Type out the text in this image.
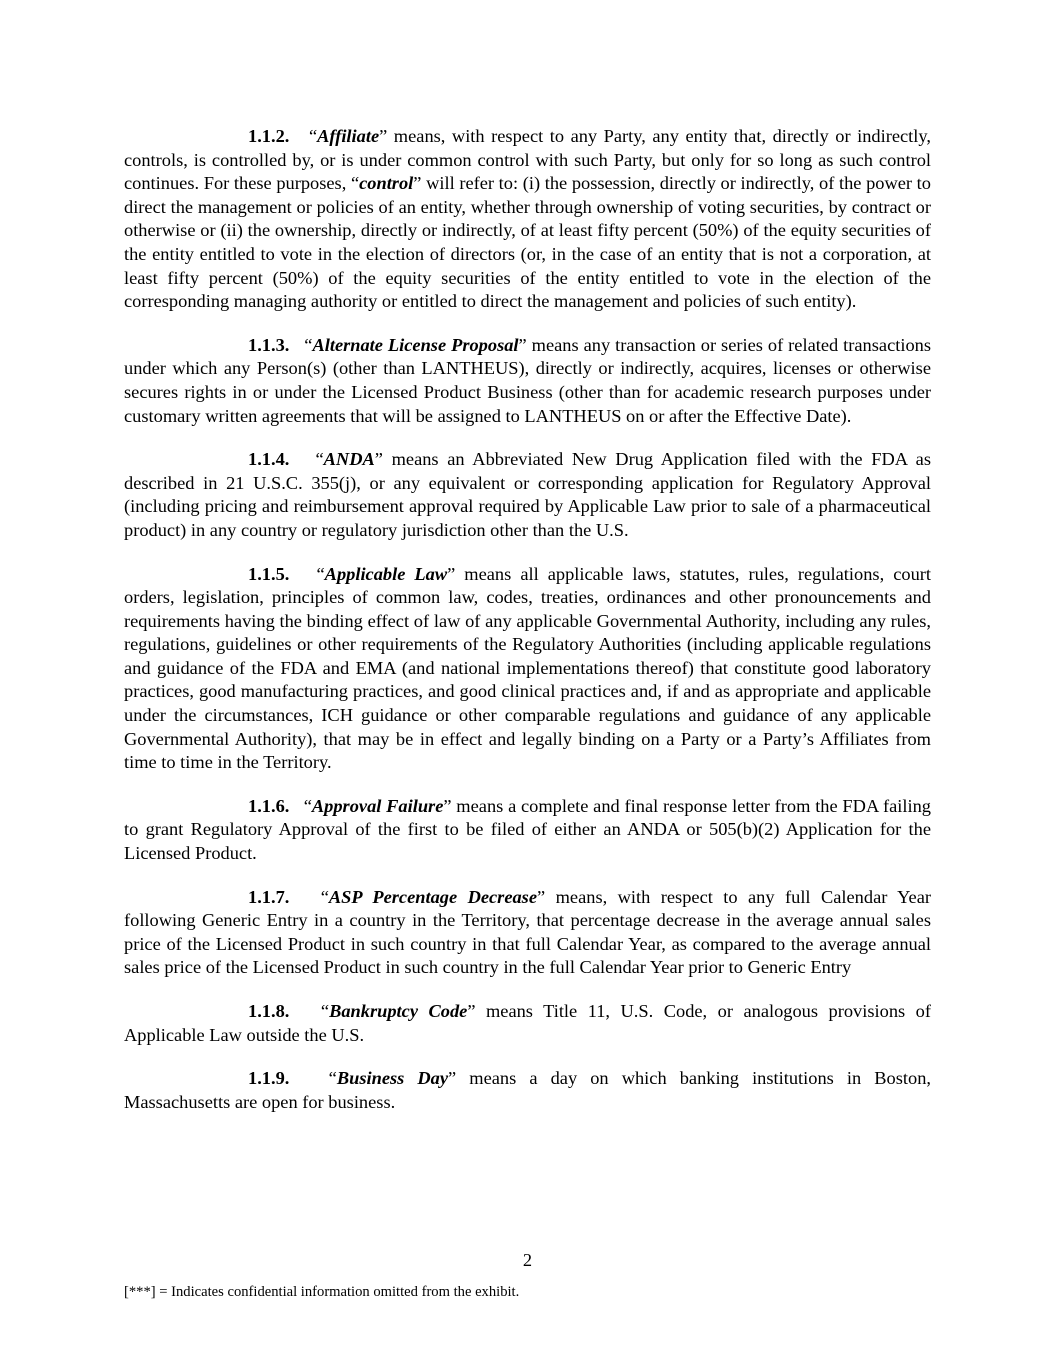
1.1.2. “Affiliate” means, with respect to any Party, any entity that, directly or indirectly, controls, is controlled by, or is under common control with such Party, but only for so long as such control continues. For these purposes, “control” will refer to: (i) the possession, directly or indirectly, of the power to direct the management or policies of an entity, whether through ownership of voting securities, by contract or otherwise or (ii) the ownership, directly or indirectly, of at least fifty percent (50%) of the equity securities of the entity entitled to vote in the election of directors (or, in the case of an entity that is not a corporation, at least fifty percent (50%) of the equity securities of the entity entitled to vote in the election of the corresponding managing authority or entitled to direct the management and policies of such entity).

1.1.3. “Alternate License Proposal” means any transaction or series of related transactions under which any Person(s) (other than LANTHEUS), directly or indirectly, acquires, licenses or otherwise secures rights in or under the Licensed Product Business (other than for academic research purposes under customary written agreements that will be assigned to LANTHEUS on or after the Effective Date).

1.1.4. “ANDA” means an Abbreviated New Drug Application filed with the FDA as described in 21 U.S.C. 355(j), or any equivalent or corresponding application for Regulatory Approval (including pricing and reimbursement approval required by Applicable Law prior to sale of a pharmaceutical product) in any country or regulatory jurisdiction other than the U.S.

1.1.5. “Applicable Law” means all applicable laws, statutes, rules, regulations, court orders, legislation, principles of common law, codes, treaties, ordinances and other pronouncements and requirements having the binding effect of law of any applicable Governmental Authority, including any rules, regulations, guidelines or other requirements of the Regulatory Authorities (including applicable regulations and guidance of the FDA and EMA (and national implementations thereof) that constitute good laboratory practices, good manufacturing practices, and good clinical practices and, if and as appropriate and applicable under the circumstances, ICH guidance or other comparable regulations and guidance of any applicable Governmental Authority), that may be in effect and legally binding on a Party or a Party’s Affiliates from time to time in the Territory.

1.1.6. “Approval Failure” means a complete and final response letter from the FDA failing to grant Regulatory Approval of the first to be filed of either an ANDA or 505(b)(2) Application for the Licensed Product.

1.1.7. “ASP Percentage Decrease” means, with respect to any full Calendar Year following Generic Entry in a country in the Territory, that percentage decrease in the average annual sales price of the Licensed Product in such country in that full Calendar Year, as compared to the average annual sales price of the Licensed Product in such country in the full Calendar Year prior to Generic Entry

1.1.8. “Bankruptcy Code” means Title 11, U.S. Code, or analogous provisions of Applicable Law outside the U.S.

1.1.9. “Business Day” means a day on which banking institutions in Boston, Massachusetts are open for business.

2
[***] = Indicates confidential information omitted from the exhibit.
